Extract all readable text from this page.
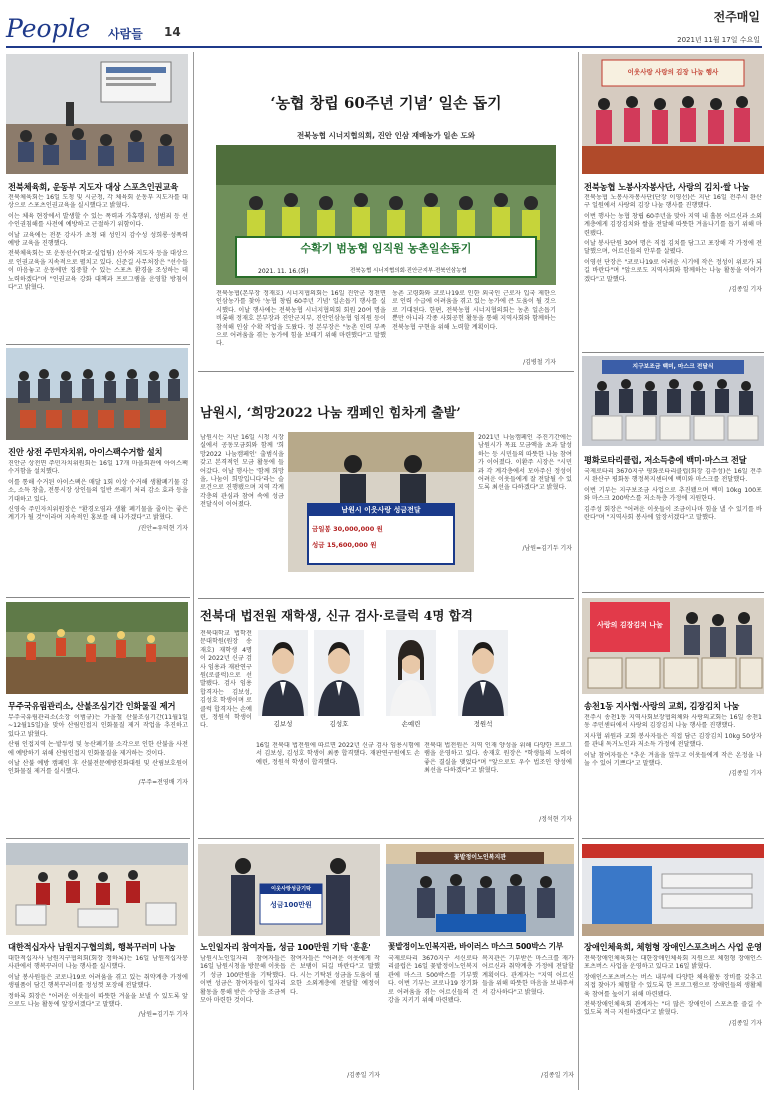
People 사람들 14
전주매일
2021년 11월 17일 수요일
전북체육회, 운동부 지도자 대상 스포츠인권교육

전북체육회는 16일 도청 및 시군청, 각 체육회 운동부 지도자를 대상으로 스포츠인권교육을 실시했다고 밝혔다.

이는 체육 현장에서 발생할 수 있는 폭력과 가혹행위, 성범죄 등 선수인권침해를 사전에 예방하고 근절하기 위함이다.

이날 교육에는 전문 강사가 초청 돼 성인지 감수성 성희롱·성폭력 예방 교육을 진행했다.

전북체육회는 또 운동선수(학교·실업팀) 선수와 지도자 등을 대상으로 인권교육을 지속적으로 펼치고 있다. 신준길 사무처장은 "선수들이 마음놓고 운동에만 집중할 수 있는 스포츠 환경을 조성하는 데 노력하겠다"며 "인권교육 강화 대책과 프로그램을 운영할 방침이다"고 밝혔다.

진안 상전 주민자치위, 아이스팩수거함 설치

진안군 상전면 주민자치위원회는 16일 17개 마을회관에 아이스팩수거함을 설치했다.

이를 통해 수거된 아이스팩은 매달 1회 이상 수거해 생활폐기물 감소, 소득 창출, 전통시장 상인들의 일반 쓰레기 처리 감소 효과 등을 기대하고 있다.

신영숙 주민자치위원장은 "환경오염과 생활 폐기물을 줄이는 좋은 계기가 될 것"이라며 지속적인 홍보를 해 나가겠다"고 밝혔다.

/진안=우덕현 기자
무주국유림관리소, 산불조심기간 인화물질 제거

무주국유림관리소(소장 이범규)는 가을철 산불조심기간(11월1일~12월15일)을 맞아 산림인접지 인화물질 제거 작업을 추진하고 있다고 밝혔다.

산림 인접지역 논·밭두렁 및 농산폐기물 소각으로 인한 산불을 사전에 예방하기 위해 산림인접지 인화물질을 제거하는 것이다.

이날 산불 예방 캠페인 후 산불전문예방진화대원 및 산림보호원이 인화물질 제거를 실시했다.

/무주=전영배 기자
대한적십자사 남원지구협의회, 행복꾸러미 나눔

대한적십자사 남원지구협의회(회장 정하록)는 16일 남원적십자봉사관에서 행복꾸러미 나눔 행사를 실시했다.

이날 봉사원들은 코로나19로 어려움을 겪고 있는 취약계층 가정에 생필품이 담긴 행복꾸러미를 정성껏 포장해 전달했다.

정하록 회장은 "어려운 이웃들이 따뜻한 겨울을 보낼 수 있도록 앞으로도 나눔 활동에 앞장서겠다"고 말했다.

/남원=김기두 기자
‘농협 창립 60주년 기념’ 일손 돕기
전북농협 시너지협의회, 진안 인삼 재배농가 일손 도와
수확기 범농협 임직원 농촌일손돕기
2021. 11. 16.(화)	전북농협 시너지협의회·진안군지부·전북인삼농협
전북농협(본부장 정재호) 시너지협의회는 16일 진안군 정천면 인삼농가를 찾아 '농협 창립 60주년 기념' 일손돕기 행사를 실시했다. 이날 행사에는 전북농협 시너지협의회 회원 20여 명을 비롯해 정재호 본부장과 진안군지부, 진안인삼농협 임직원 등이 참석해 인삼 수확 작업을 도왔다. 정 본부장은 "농촌 인력 부족으로 어려움을 겪는 농가에 힘을 보태기 위해 마련했다"고 말했다.
농촌 고령화와 코로나19로 인한 외국인 근로자 입국 제한으로 인력 수급에 어려움을 겪고 있는 농가에 큰 도움이 될 것으로 기대된다. 한편, 전북농협 시너지협의회는 농촌 일손돕기 뿐만 아니라 각종 사회공헌 활동을 통해 지역사회와 함께하는 전북농협 구현을 위해 노력할 계획이다.
/김병철 기자
남원시, ‘희망2022 나눔 캠페인 힘차게 출발’
남원시는 지난 16일 시청 시장실에서 공동모금회와 함께 '희망2022 나눔캠페인' 출범식을 갖고 본격적인 모금 활동에 들어갔다. 이날 행사는 '함께 희망을, 나눔이 희망입니다'라는 슬로건으로 진행됐으며 지역 각계각층의 관심과 참여 속에 성금 전달식이 이어졌다.
남원시 이웃사랑 성금전달
금일봉 30,000,000 원
성금 15,600,000 원
2021년 나눔캠페인 추진기간에는 남원시가 목표 모금액을 초과 달성하는 등 시민들의 따뜻한 나눔 참여가 이어졌다. 이환주 시장은 "시민과 각 계각층에서 모아주신 정성이 어려운 이웃들에게 잘 전달될 수 있도록 최선을 다하겠다"고 밝혔다.
/남원=김기두 기자
전북대 법전원 재학생, 신규 검사·로클럭 4명 합격
전북대학교 법학전문대학원(원장 송재호) 재학생 4명이 2022년 신규 검사 임용과 재판연구원(로클럭)으로 선발됐다. 검사 임용 합격자는 김보성, 김성호 학생이며 로클럭 합격자는 손예린, 정원석 학생이다.	김보성	김성호	손예린	정원석
16일 전북대 법전원에 따르면 2022년 신규 검사 임용시험에서 김보성, 김성호 학생이 최종 합격했다. 재판연구원에도 손예린, 정원석 학생이 합격했다.
전북대 법전원은 지역 인재 양성을 위해 다양한 프로그램을 운영하고 있다. 송재호 원장은 "학생들의 노력이 좋은 결실을 맺었다"며 "앞으로도 우수 법조인 양성에 최선을 다하겠다"고 밝혔다.
/정석현 기자
이웃사랑성금기탁
성금100만원
노인일자리 참여자들, 성금 100만원 기탁 '훈훈'
남원시노인일자리 참여자들은 16일 남원시청을 방문해 이웃돕기 성금 100만원을 기탁했다. 이번 성금은 참여자들이 일자리 활동을 통해 받은 수당을 조금씩 모아 마련한 것이다.
참여자들은 "어려운 이웃에게 작은 보탬이 되길 바란다"고 말했다. 시는 기탁된 성금을 도움이 필요한 소외계층에 전달할 예정이다.
/김종일 기자
꽃밭정이노인복지관
꽃밭정이노인복지관, 바이러스 마스크 500박스 기부
국제로타리 3670지구 서신로타리클럽은 16일 꽃밭정이노인복지관에 마스크 500박스를 기부했다. 이번 기부는 코로나19 장기화로 어려움을 겪는 어르신들의 건강을 지키기 위해 마련됐다.
복지관은 기부받은 마스크를 재가 어르신과 취약계층 가정에 전달할 계획이다. 관계자는 "지역 어르신들을 위해 따뜻한 마음을 보내주셔서 감사하다"고 밝혔다.
/김종일 기자
이웃사랑 사랑의 김장 나눔 행사
전북농협 노봉사자봉사단, 사랑의 김치·쌀 나눔

전북농협 노봉사자봉사단(단장 이영선)은 지난 16일 전주시 완산구 일원에서 사랑의 김장 나눔 행사를 진행했다.

이번 행사는 농협 창립 60주년을 맞아 지역 내 홀몸 어르신과 소외계층에게 김장김치와 쌀을 전달해 따뜻한 겨울나기를 돕기 위해 마련됐다.

이날 봉사단원 30여 명은 직접 김치를 담그고 포장해 각 가정에 전달했으며, 어르신들의 안부를 살폈다.

이영선 단장은 "코로나19로 어려운 시기에 작은 정성이 위로가 되길 바란다"며 "앞으로도 지역사회와 함께하는 나눔 활동을 이어가겠다"고 말했다.

/김종일 기자
지구보조금 백미, 마스크 전달식
평화로타리클럽, 저소득층에 백미·마스크 전달

국제로타리 3670지구 평화로타리클럽(회장 김주성)은 16일 전주시 완산구 평화동 행정복지센터에 백미와 마스크를 전달했다.

이번 기부는 지구보조금 사업으로 추진됐으며 백미 10kg 100포와 마스크 200박스를 저소득층 가정에 지원한다.

김주성 회장은 "어려운 이웃들이 조금이나마 힘을 낼 수 있기를 바란다"며 "지역사회 봉사에 앞장서겠다"고 말했다.

사랑의 김장김치 나눔
송천1동 지사협·사랑의 교회, 김장김치 나눔

전주시 송천1동 지역사회보장협의체와 사랑의교회는 16일 송천1동 주민센터에서 사랑의 김장김치 나눔 행사를 진행했다.

지사협 위원과 교회 봉사자들은 직접 담근 김장김치 10kg 50상자를 관내 독거노인과 저소득 가정에 전달했다.

이날 참여자들은 "추운 겨울을 앞두고 이웃들에게 작은 온정을 나눌 수 있어 기쁘다"고 말했다.

/김종일 기자
장애인체육회, 체험형 장애인스포츠버스 사업 운영

전북장애인체육회는 대한장애인체육회 지원으로 체험형 장애인스포츠버스 사업을 운영하고 있다고 16일 밝혔다.

장애인스포츠버스는 버스 내부에 다양한 체육활동 장비를 갖추고 직접 찾아가 체험할 수 있도록 한 프로그램으로 장애인들의 생활체육 참여를 높이기 위해 마련됐다.

전북장애인체육회 관계자는 "더 많은 장애인이 스포츠를 즐길 수 있도록 적극 지원하겠다"고 밝혔다.

/김종일 기자
